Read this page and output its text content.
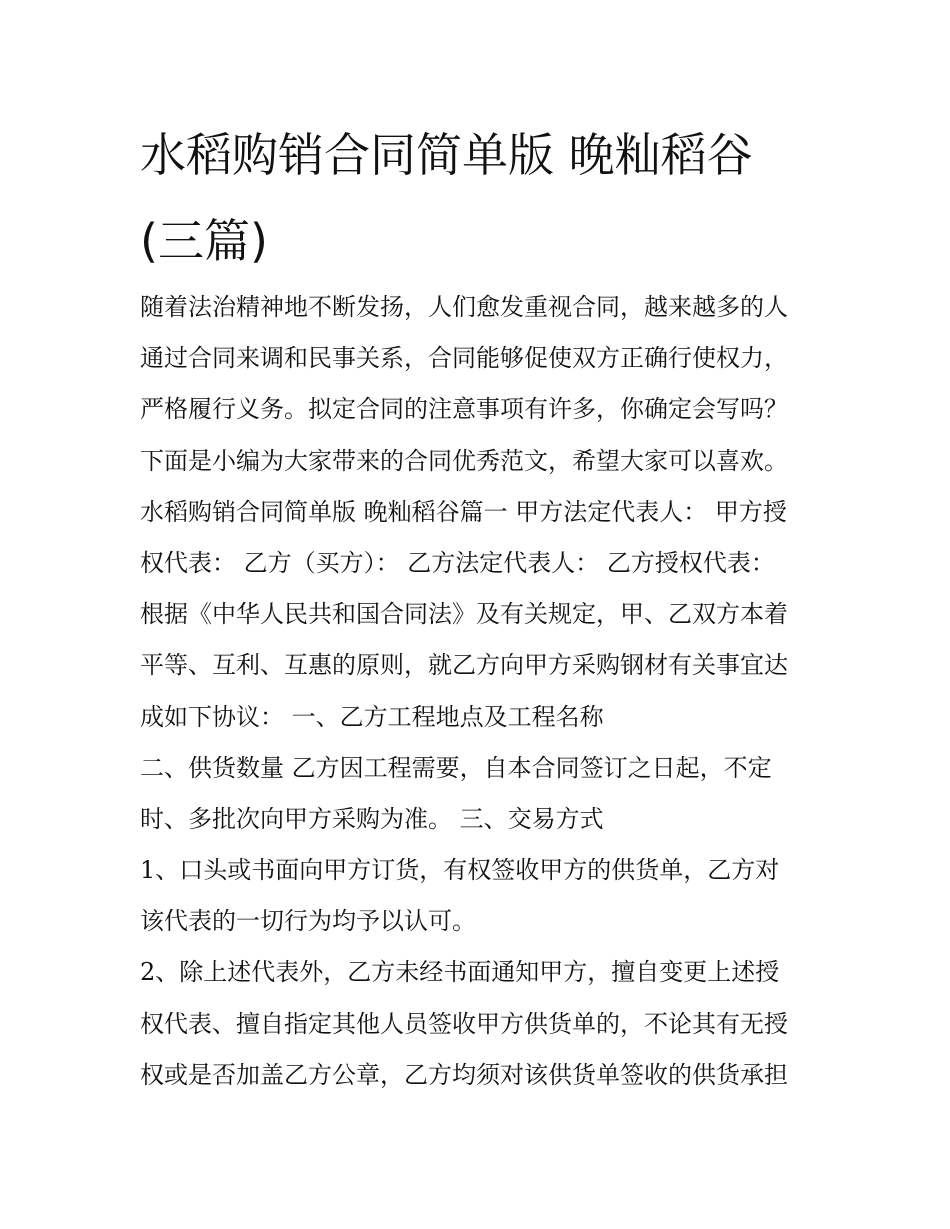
水稻购销合同简单版 晚籼稻谷
(三篇)
随着法治精神地不断发扬，人们愈发重视合同，越来越多的人
通过合同来调和民事关系，合同能够促使双方正确行使权力，
严格履行义务。拟定合同的注意事项有许多，你确定会写吗？
下面是小编为大家带来的合同优秀范文，希望大家可以喜欢。
水稻购销合同简单版 晚籼稻谷篇一 甲方法定代表人： 甲方授
权代表： 乙方（买方）： 乙方法定代表人： 乙方授权代表：
根据《中华人民共和国合同法》及有关规定，甲、乙双方本着
平等、互利、互惠的原则，就乙方向甲方采购钢材有关事宜达
成如下协议： 一、乙方工程地点及工程名称
二、供货数量 乙方因工程需要，自本合同签订之日起，不定
时、多批次向甲方采购为准。 三、交易方式
1、口头或书面向甲方订货，有权签收甲方的供货单，乙方对
该代表的一切行为均予以认可。
2、除上述代表外，乙方未经书面通知甲方，擅自变更上述授
权代表、擅自指定其他人员签收甲方供货单的，不论其有无授
权或是否加盖乙方公章，乙方均须对该供货单签收的供货承担
